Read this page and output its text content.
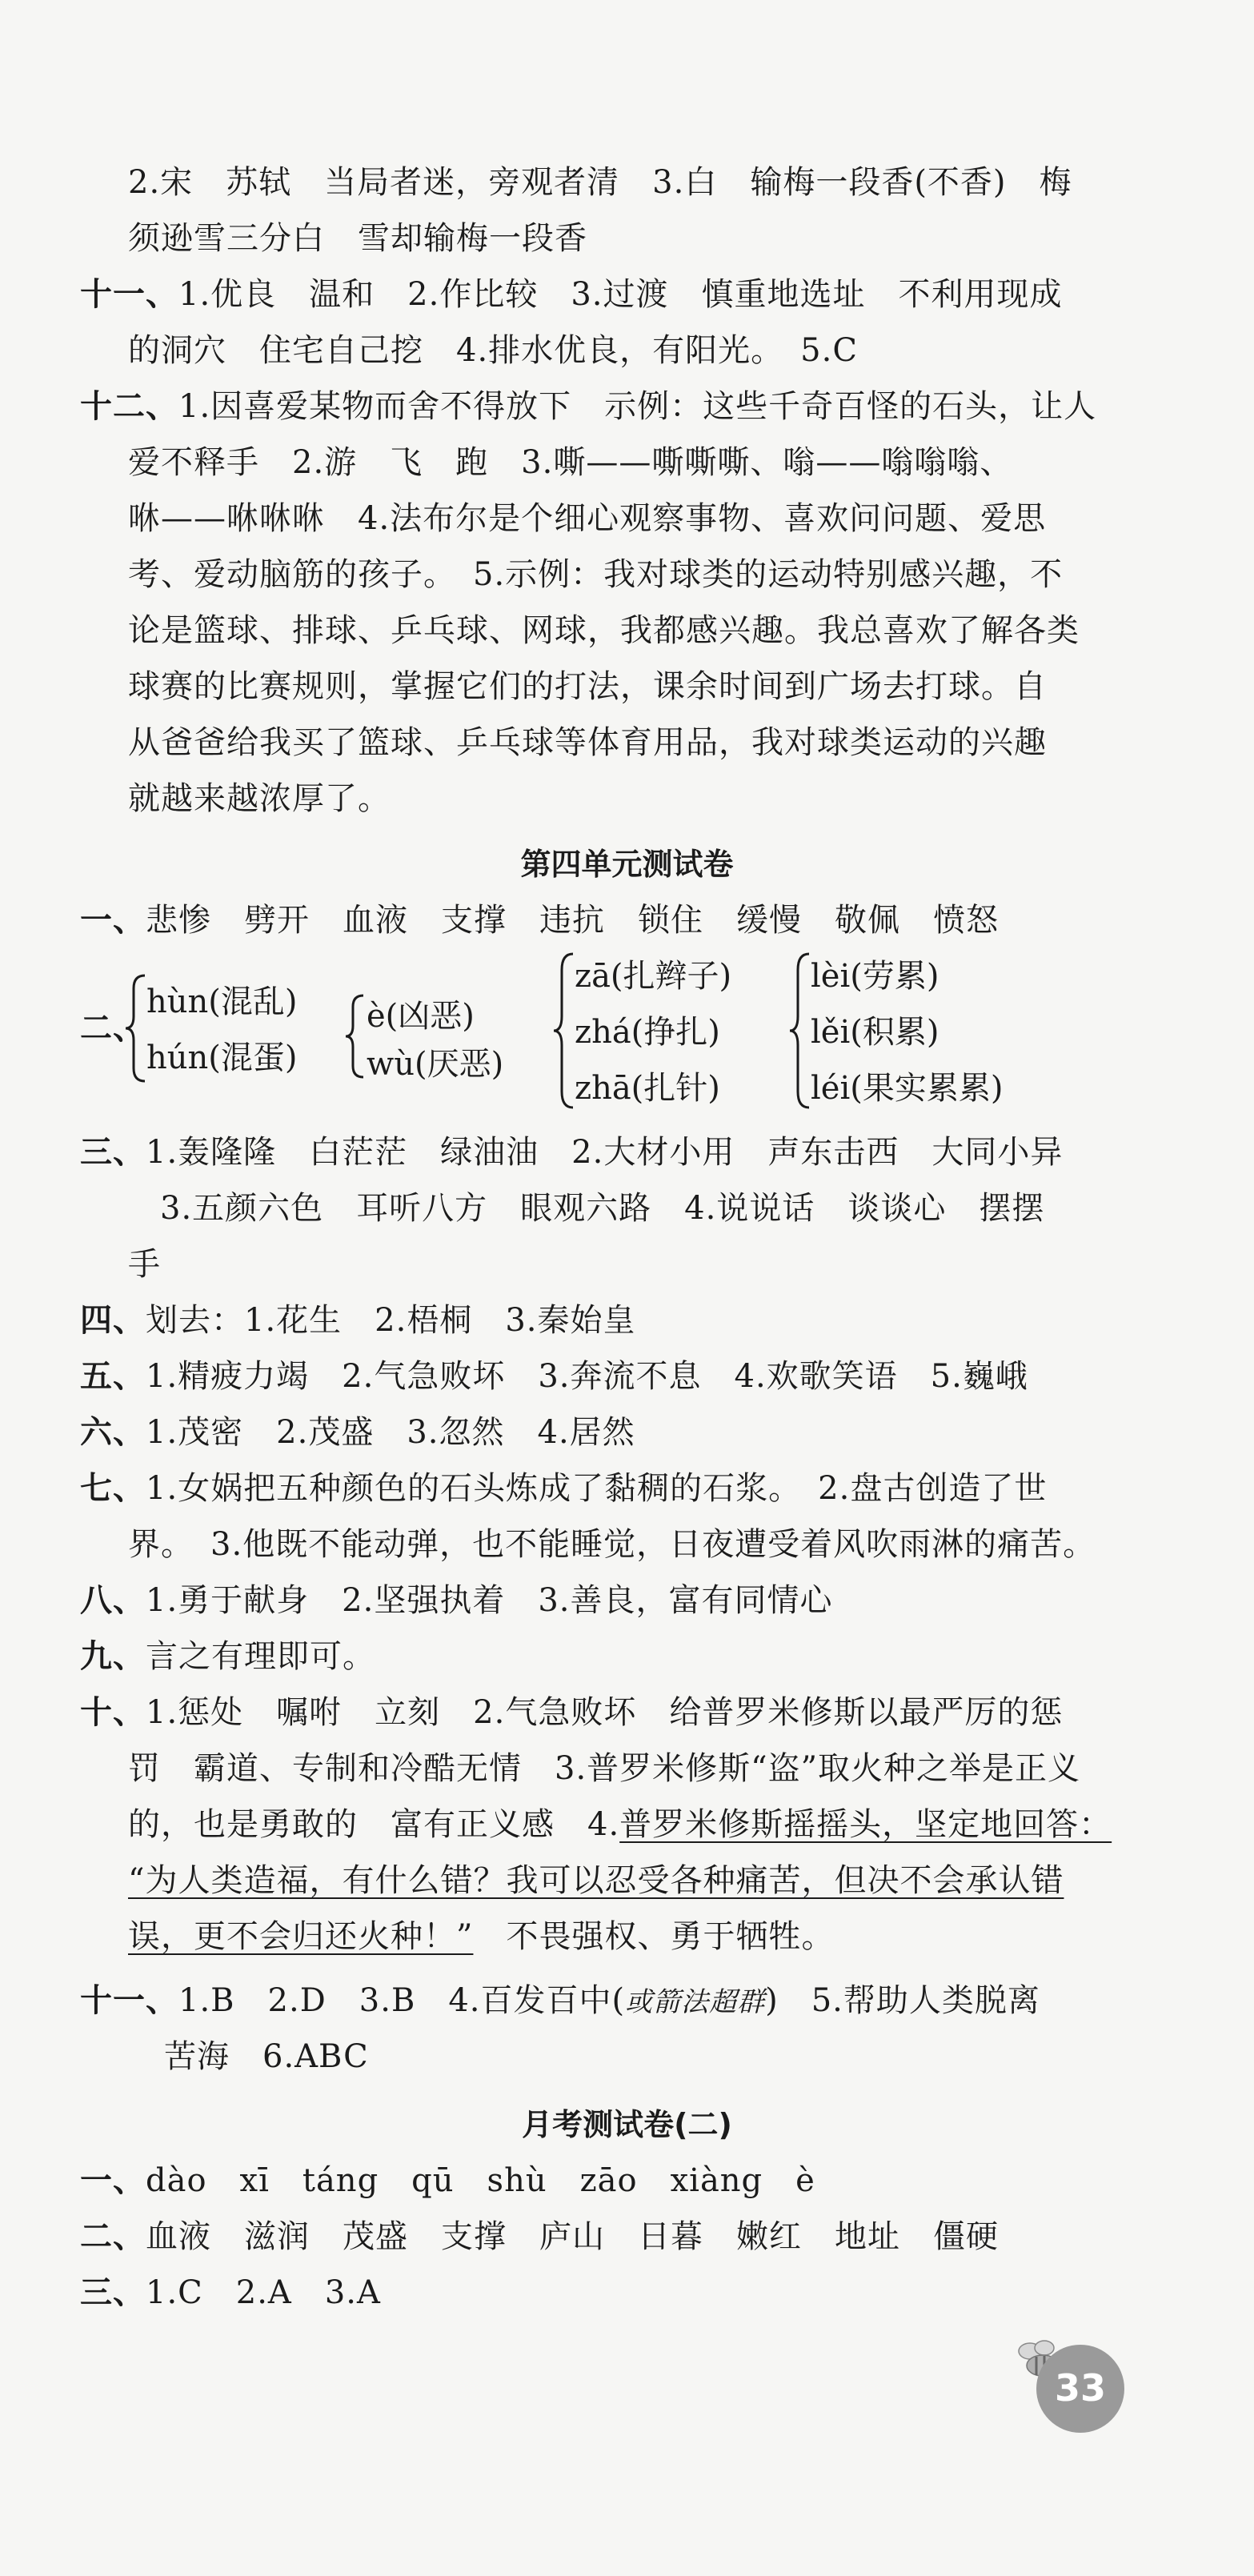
2.宋　苏轼　当局者迷，旁观者清　3.白　输梅一段香(不香)　梅
须逊雪三分白　雪却输梅一段香
十一、1.优良　温和　2.作比较　3.过渡　慎重地选址　不利用现成
的洞穴　住宅自己挖　4.排水优良，有阳光。　5.C
十二、1.因喜爱某物而舍不得放下　示例：这些千奇百怪的石头，让人
爱不释手　2.游　飞　跑　3.嘶——嘶嘶嘶、嗡——嗡嗡嗡、
咻——咻咻咻　4.法布尔是个细心观察事物、喜欢问问题、爱思
考、爱动脑筋的孩子。　5.示例：我对球类的运动特别感兴趣，不
论是篮球、排球、乒乓球、网球，我都感兴趣。我总喜欢了解各类
球赛的比赛规则，掌握它们的打法，课余时间到广场去打球。自
从爸爸给我买了篮球、乒乓球等体育用品，我对球类运动的兴趣
就越来越浓厚了。
第四单元测试卷
一、悲惨　劈开　血液　支撑　违抗　锁住　缓慢　敬佩　愤怒
二、
hùn(混乱)
hún(混蛋)
è(凶恶)
wù(厌恶)
zā(扎辫子)
zhá(挣扎)
zhā(扎针)
lèi(劳累)
lěi(积累)
léi(果实累累)
三、1.轰隆隆　白茫茫　绿油油　2.大材小用　声东击西　大同小异
3.五颜六色　耳听八方　眼观六路　4.说说话　谈谈心　摆摆
手
四、划去：1.花生　2.梧桐　3.秦始皇
五、1.精疲力竭　2.气急败坏　3.奔流不息　4.欢歌笑语　5.巍峨
六、1.茂密　2.茂盛　3.忽然　4.居然
七、1.女娲把五种颜色的石头炼成了黏稠的石浆。　2.盘古创造了世
界。　3.他既不能动弹，也不能睡觉，日夜遭受着风吹雨淋的痛苦。
八、1.勇于献身　2.坚强执着　3.善良，富有同情心
九、言之有理即可。
十、1.惩处　嘱咐　立刻　2.气急败坏　给普罗米修斯以最严厉的惩
罚　霸道、专制和冷酷无情　3.普罗米修斯“盗”取火种之举是正义
的，也是勇敢的　富有正义感　4.普罗米修斯摇摇头，坚定地回答：
“为人类造福，有什么错？我可以忍受各种痛苦，但决不会承认错
误，更不会归还火种！”　不畏强权、勇于牺牲。
十一、1.B　2.D　3.B　4.百发百中(或箭法超群)　5.帮助人类脱离
苦海　6.ABC
月考测试卷(二)
一、dào　xī　táng　qū　shù　zāo　xiàng　è
二、血液　滋润　茂盛　支撑　庐山　日暮　嫩红　地址　僵硬
三、1.C　2.A　3.A
33
